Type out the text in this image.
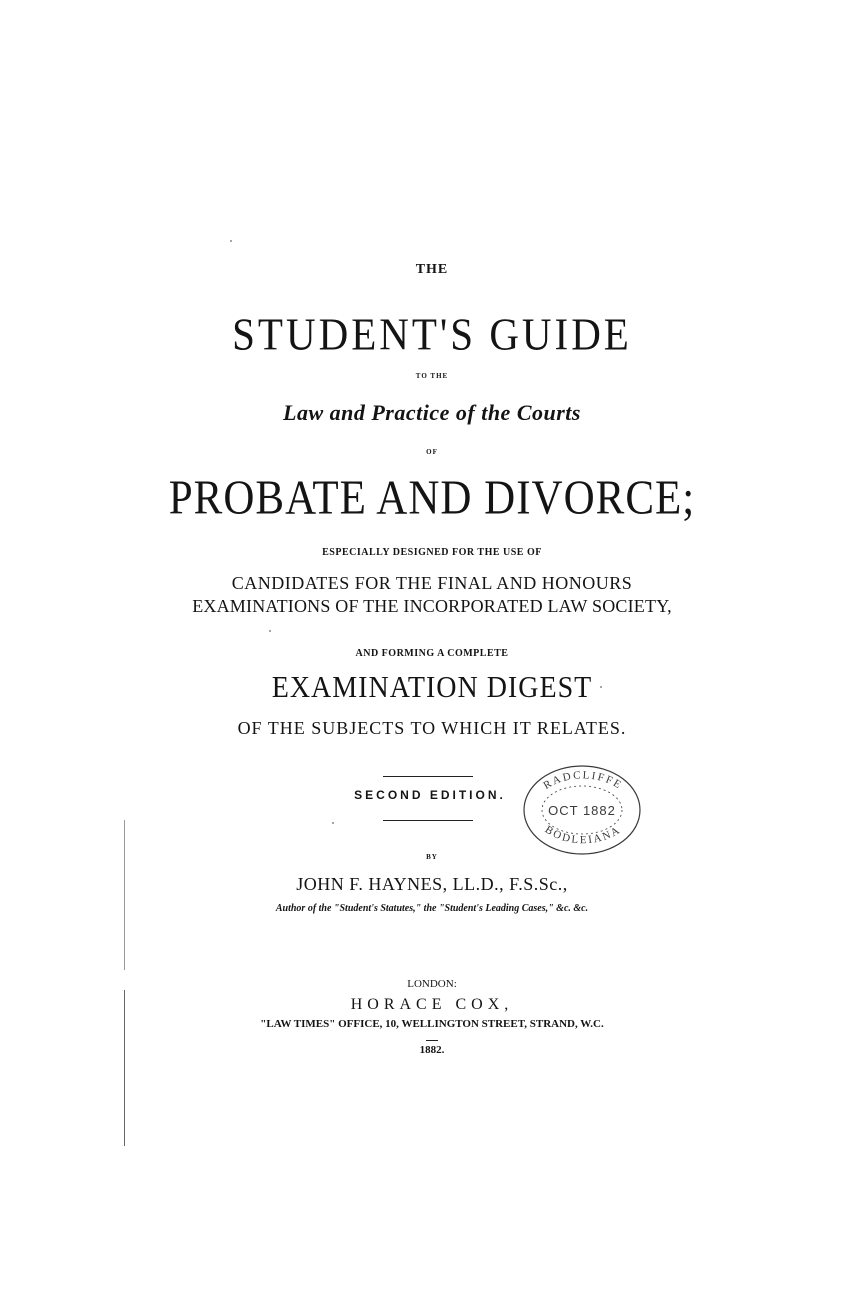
THE
STUDENT'S GUIDE
TO THE
Law and Practice of the Courts
OF
PROBATE AND DIVORCE;
ESPECIALLY DESIGNED FOR THE USE OF
CANDIDATES FOR THE FINAL AND HONOURS
EXAMINATIONS OF THE INCORPORATED LAW SOCIETY,
AND FORMING A COMPLETE
EXAMINATION DIGEST
OF THE SUBJECTS TO WHICH IT RELATES.
SECOND EDITION.
BY
JOHN F. HAYNES, LL.D., F.S.Sc.,
Author of the "Student's Statutes," the "Student's Leading Cases," &c. &c.
LONDON:
HORACE COX,
"LAW TIMES" OFFICE, 10, WELLINGTON STREET, STRAND, W.C.
1882.
RADCLIFFE
OCT 1882
BODLEIANA
